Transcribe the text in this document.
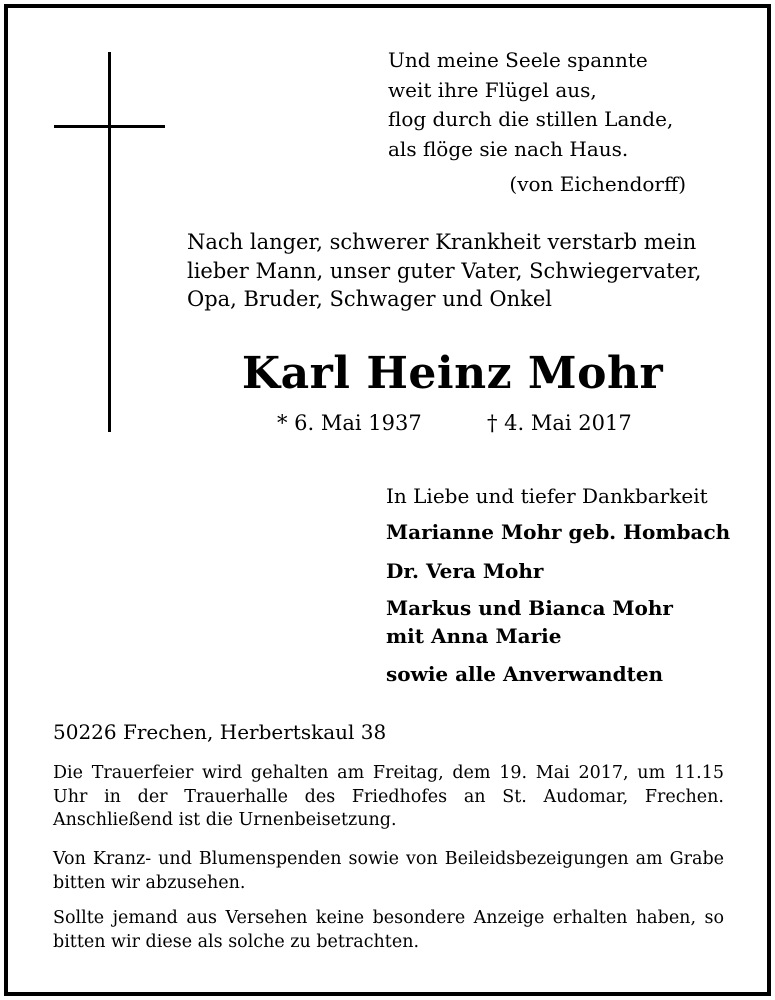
Und meine Seele spannte
weit ihre Flügel aus,
flog durch die stillen Lande,
als flöge sie nach Haus.
(von Eichendorff)
Nach langer, schwerer Krankheit verstarb mein lieber Mann, unser guter Vater, Schwiegervater, Opa, Bruder, Schwager und Onkel
Karl Heinz Mohr
* 6. Mai 1937	† 4. Mai 2017
In Liebe und tiefer Dankbarkeit
Marianne Mohr geb. Hombach
Dr. Vera Mohr
Markus und Bianca Mohr
mit Anna Marie
sowie alle Anverwandten
50226 Frechen, Herbertskaul 38
Die Trauerfeier wird gehalten am Freitag, dem 19. Mai 2017, um 11.15 Uhr in der Trauerhalle des Friedhofes an St. Audomar, Frechen. Anschließend ist die Urnenbeisetzung.
Von Kranz- und Blumenspenden sowie von Beileidsbezeigungen am Grabe bitten wir abzusehen.
Sollte jemand aus Versehen keine besondere Anzeige erhalten haben, so bitten wir diese als solche zu betrachten.
